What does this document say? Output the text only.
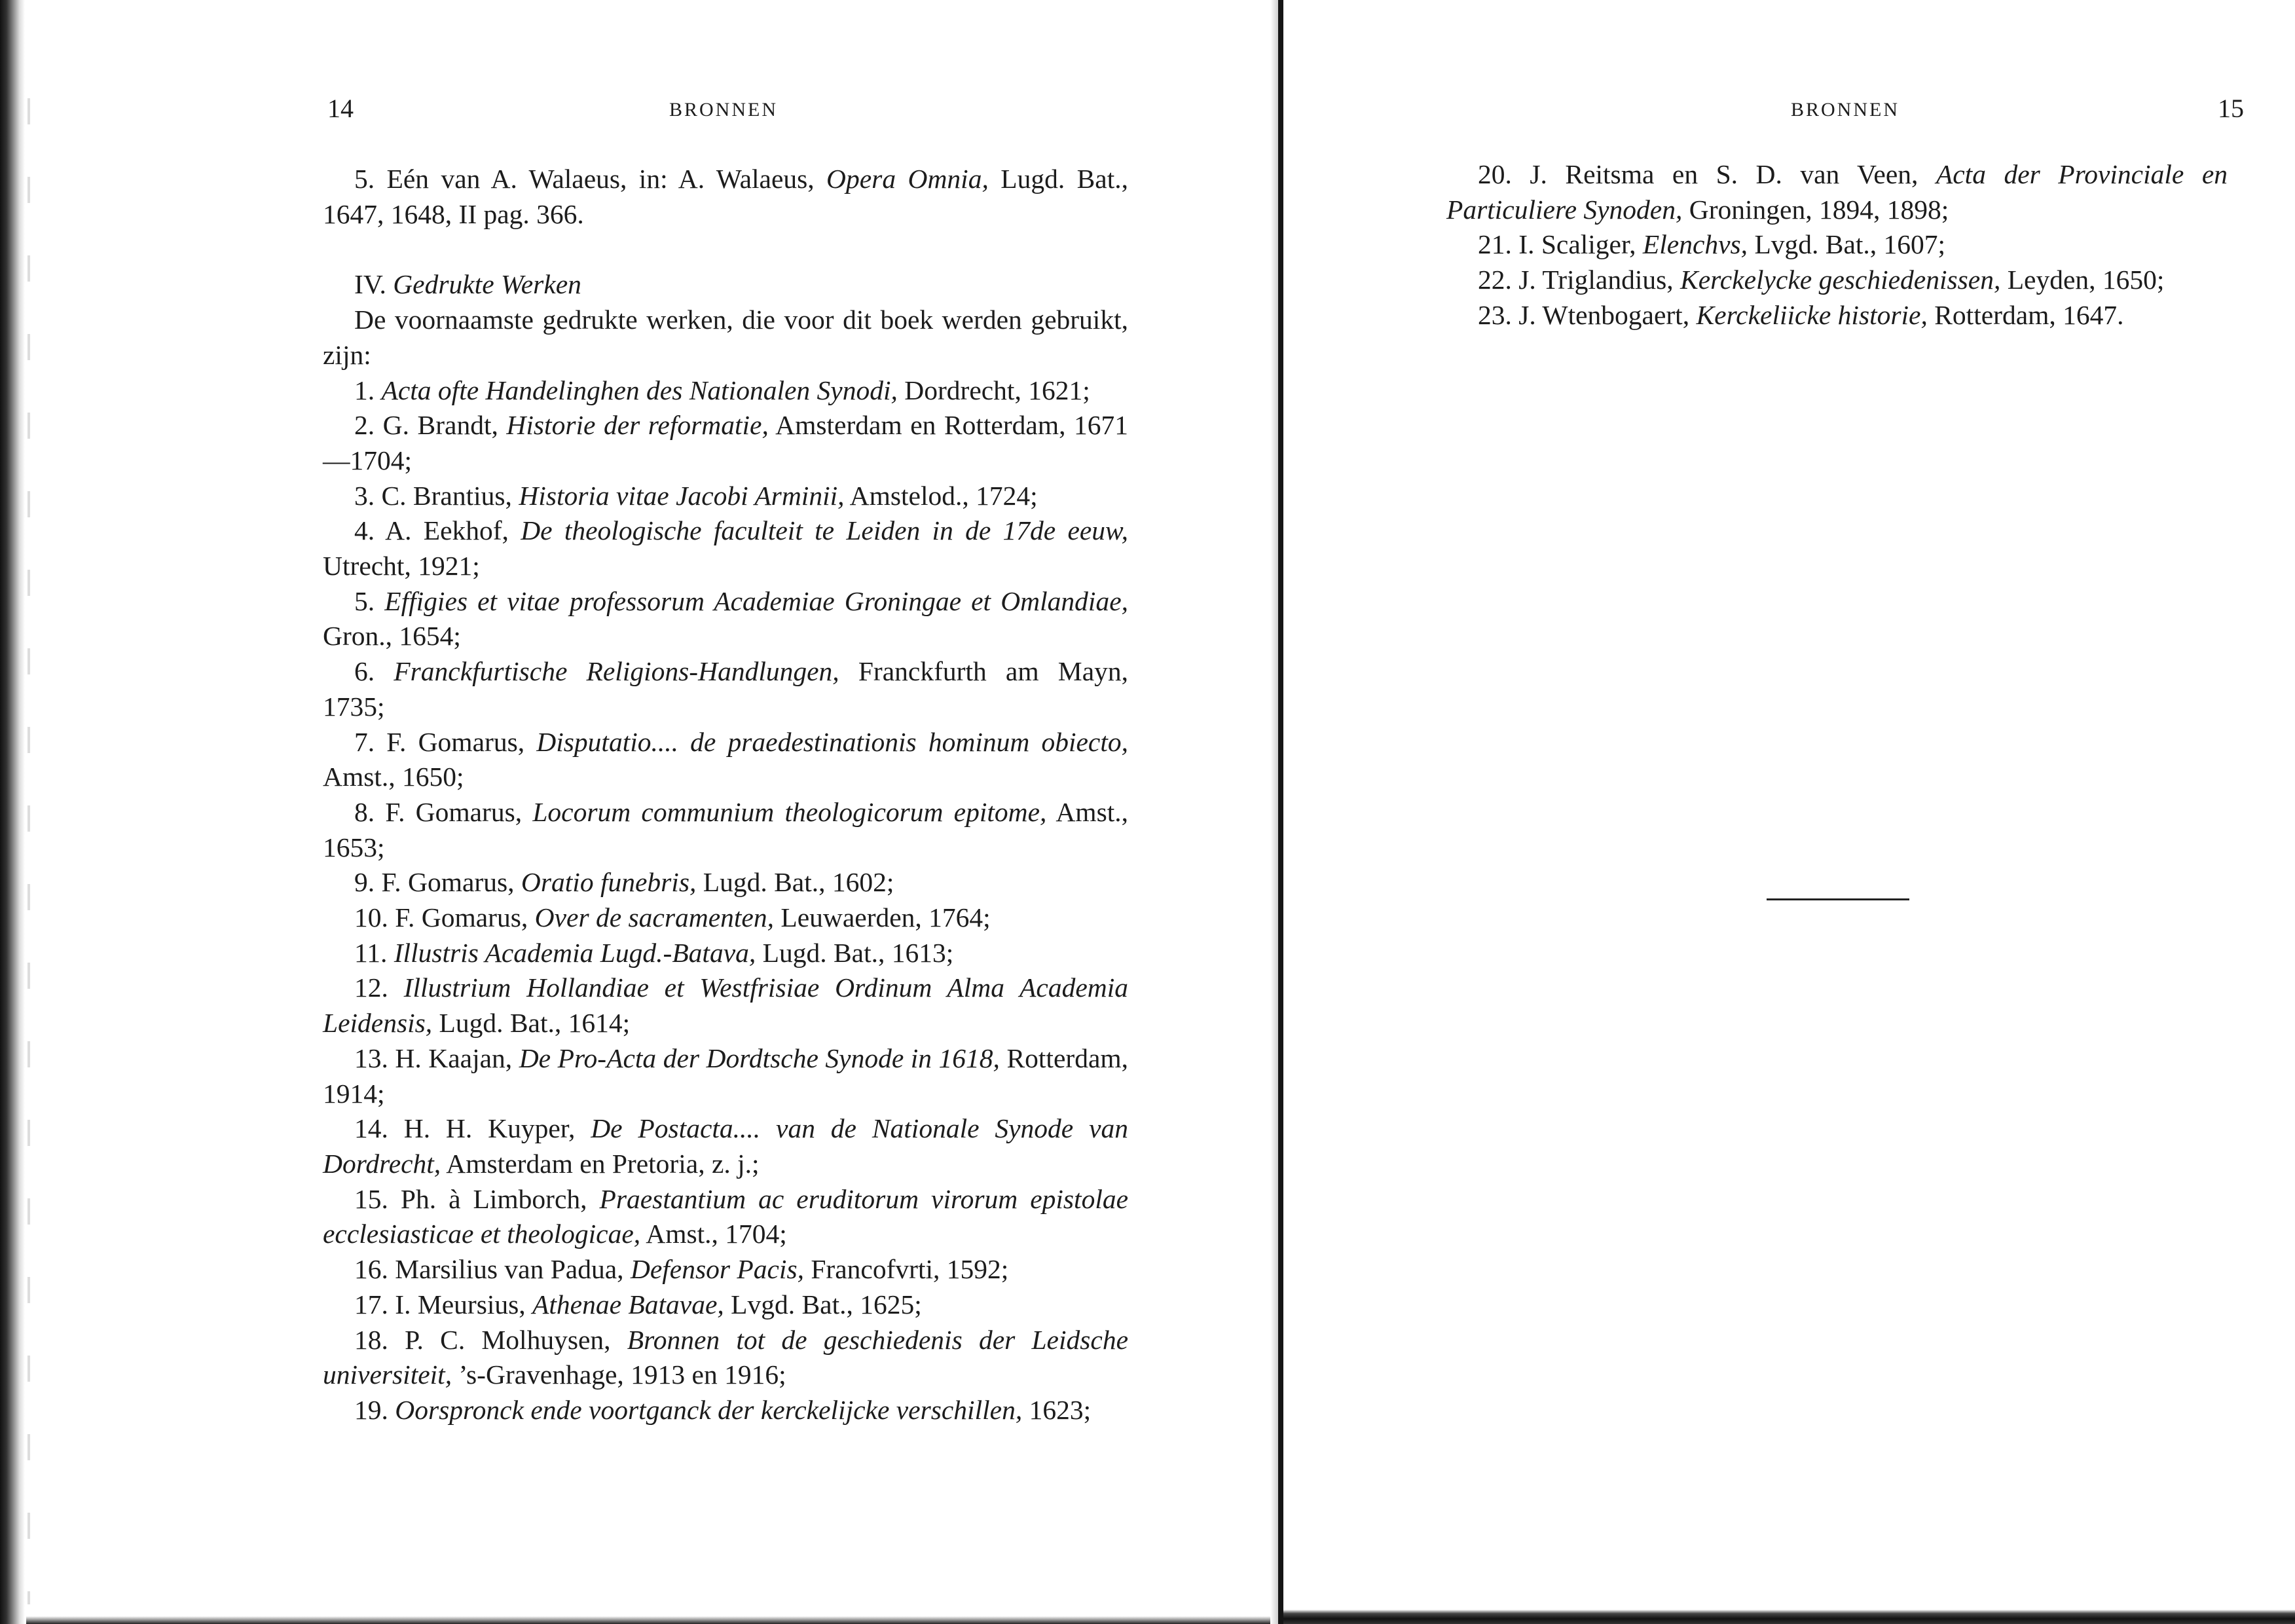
14	BRONNEN

5. Eén van A. Walaeus, in: A. Walaeus, Opera Omnia, Lugd. Bat., 1647, 1648, II pag. 366.

IV. Gedrukte Werken

De voornaamste gedrukte werken, die voor dit boek werden gebruikt, zijn:

1. Acta ofte Handelinghen des Nationalen Synodi, Dordrecht, 1621;

2. G. Brandt, Historie der reformatie, Amsterdam en Rotterdam, 1671—1704;

3. C. Brantius, Historia vitae Jacobi Arminii, Amstelod., 1724;

4. A. Eekhof, De theologische faculteit te Leiden in de 17de eeuw, Utrecht, 1921;

5. Effigies et vitae professorum Academiae Groningae et Omlandiae, Gron., 1654;

6. Franckfurtische Religions-Handlungen, Franckfurth am Mayn, 1735;

7. F. Gomarus, Disputatio.... de praedestinationis hominum obiecto, Amst., 1650;

8. F. Gomarus, Locorum communium theologicorum epitome, Amst., 1653;

9. F. Gomarus, Oratio funebris, Lugd. Bat., 1602;

10. F. Gomarus, Over de sacramenten, Leuwaerden, 1764;

11. Illustris Academia Lugd.-Batava, Lugd. Bat., 1613;

12. Illustrium Hollandiae et Westfrisiae Ordinum Alma Academia Leidensis, Lugd. Bat., 1614;

13. H. Kaajan, De Pro-Acta der Dordtsche Synode in 1618, Rotterdam, 1914;

14. H. H. Kuyper, De Postacta.... van de Nationale Synode van Dordrecht, Amsterdam en Pretoria, z. j.;

15. Ph. à Limborch, Praestantium ac eruditorum virorum epistolae ecclesiasticae et theologicae, Amst., 1704;

16. Marsilius van Padua, Defensor Pacis, Francofvrti, 1592;

17. I. Meursius, Athenae Batavae, Lvgd. Bat., 1625;

18. P. C. Molhuysen, Bronnen tot de geschiedenis der Leidsche universiteit, ’s-Gravenhage, 1913 en 1916;

19. Oorspronck ende voortganck der kerckelijcke verschillen, 1623;

BRONNEN	15

20. J. Reitsma en S. D. van Veen, Acta der Provinciale en Particuliere Synoden, Groningen, 1894, 1898;

21. I. Scaliger, Elenchvs, Lvgd. Bat., 1607;

22. J. Triglandius, Kerckelycke geschiedenissen, Leyden, 1650;

23. J. Wtenbogaert, Kerckeliicke historie, Rotterdam, 1647.
